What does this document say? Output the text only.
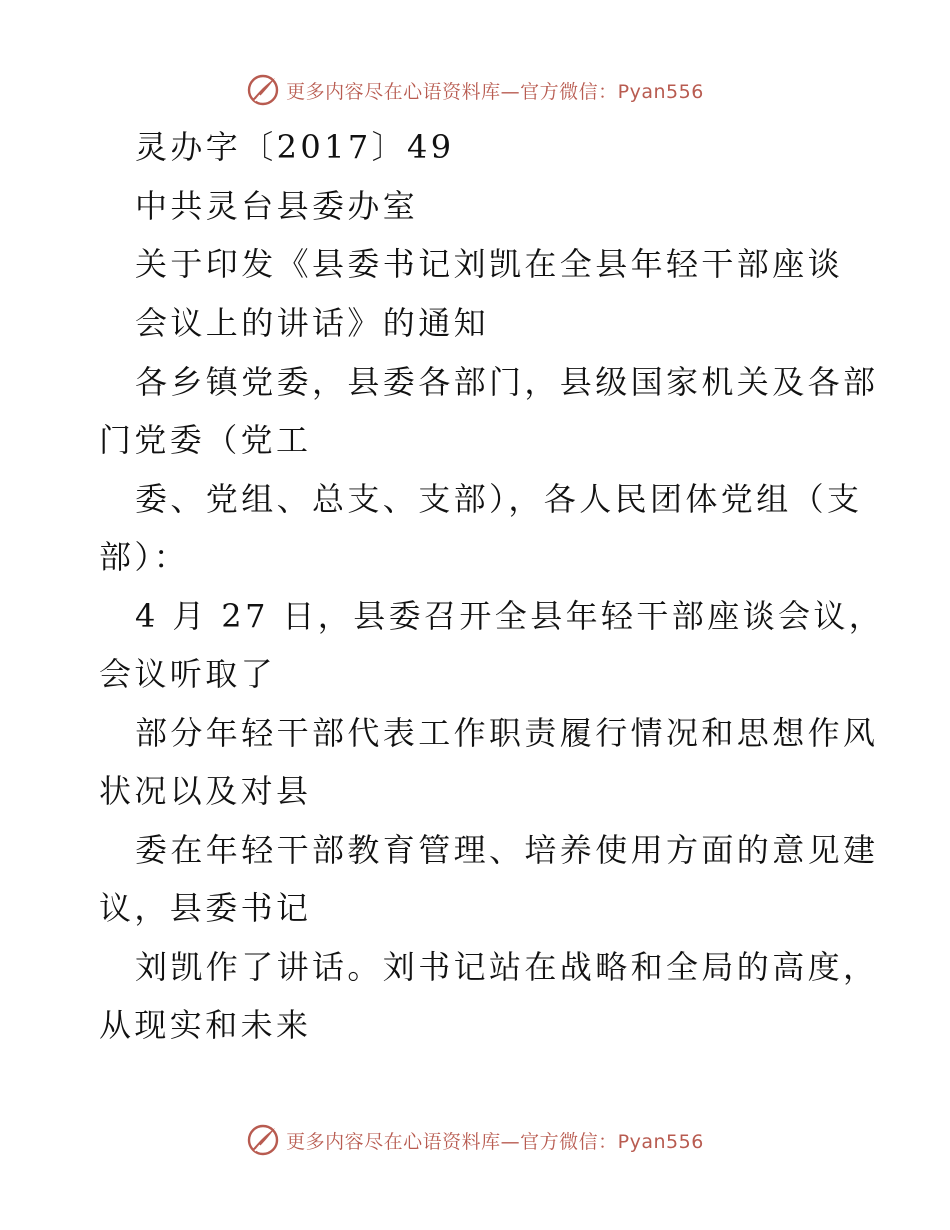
更多内容尽在心语资料库—官方微信：Pyan556
灵办字〔2017〕49
中共灵台县委办室
关于印发《县委书记刘凯在全县年轻干部座谈
会议上的讲话》的通知
各乡镇党委，县委各部门，县级国家机关及各部
门党委（党工
委、党组、总支、支部），各人民团体党组（支
部）：
4 月 27 日，县委召开全县年轻干部座谈会议，
会议听取了
部分年轻干部代表工作职责履行情况和思想作风
状况以及对县
委在年轻干部教育管理、培养使用方面的意见建
议，县委书记
刘凯作了讲话。刘书记站在战略和全局的高度，
从现实和未来
更多内容尽在心语资料库—官方微信：Pyan556
